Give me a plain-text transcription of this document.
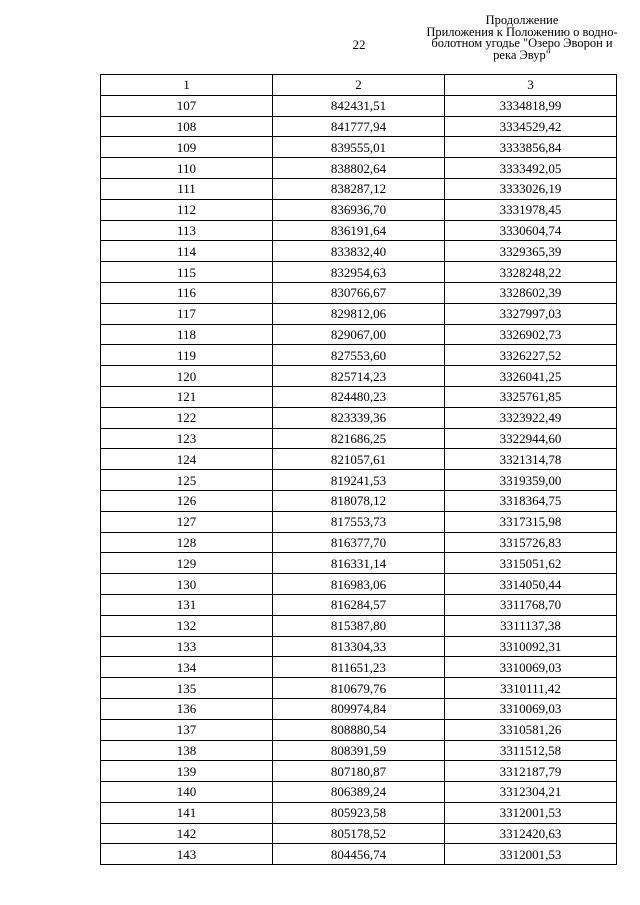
22
Продолжение
Приложения к Положению о водно-
болотном угодье "Озеро Эворон и
река Эвур"
1	2	3
107	842431,51	3334818,99
108	841777,94	3334529,42
109	839555,01	3333856,84
110	838802,64	3333492,05
111	838287,12	3333026,19
112	836936,70	3331978,45
113	836191,64	3330604,74
114	833832,40	3329365,39
115	832954,63	3328248,22
116	830766,67	3328602,39
117	829812,06	3327997,03
118	829067,00	3326902,73
119	827553,60	3326227,52
120	825714,23	3326041,25
121	824480,23	3325761,85
122	823339,36	3323922,49
123	821686,25	3322944,60
124	821057,61	3321314,78
125	819241,53	3319359,00
126	818078,12	3318364,75
127	817553,73	3317315,98
128	816377,70	3315726,83
129	816331,14	3315051,62
130	816983,06	3314050,44
131	816284,57	3311768,70
132	815387,80	3311137,38
133	813304,33	3310092,31
134	811651,23	3310069,03
135	810679,76	3310111,42
136	809974,84	3310069,03
137	808880,54	3310581,26
138	808391,59	3311512,58
139	807180,87	3312187,79
140	806389,24	3312304,21
141	805923,58	3312001,53
142	805178,52	3312420,63
143	804456,74	3312001,53
